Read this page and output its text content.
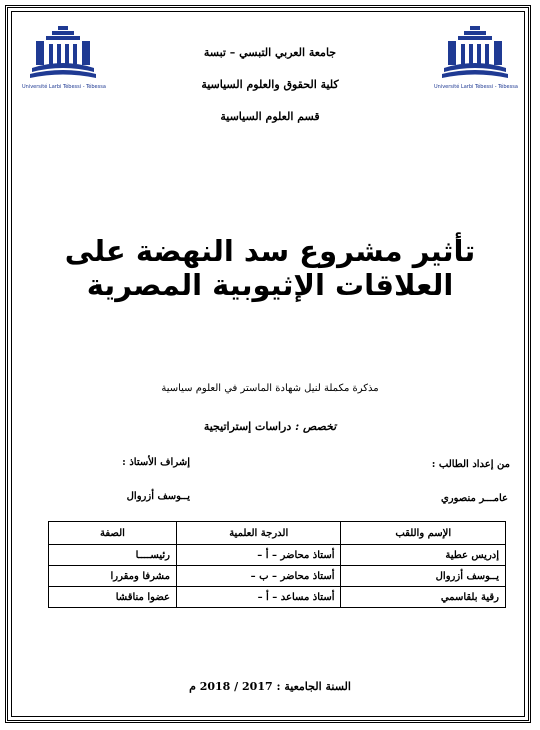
Université Larbi Tébessi - Tébessa	Université Larbi Tébessi - Tébessa
جامعة العربي التبسي – تبسة
كلية الحقوق والعلوم السياسية
قسم العلوم السياسية
تأثير مشروع سد النهضة على العلاقات الإثيوبية المصرية
مذكرة مكملة لنيل شهادة الماستر في العلوم سياسية
تخصص : دراسات إستراتيجية
من إعداد الطالب :
إشراف الأستاذ :
عامـــر منصوري
يــوسف أزروال
الإسم واللقب	الدرجة العلمية	الصفة
إدريس عطية	أستاذ محاضر – أ –	رئيســــا
يــوسف أزروال	أستاذ محاضر – ب –	مشرفا ومقررا
رقية بلقاسمي	أستاذ مساعد – أ –	عضوا مناقشا
السنة الجامعية : 2017 / 2018 م
